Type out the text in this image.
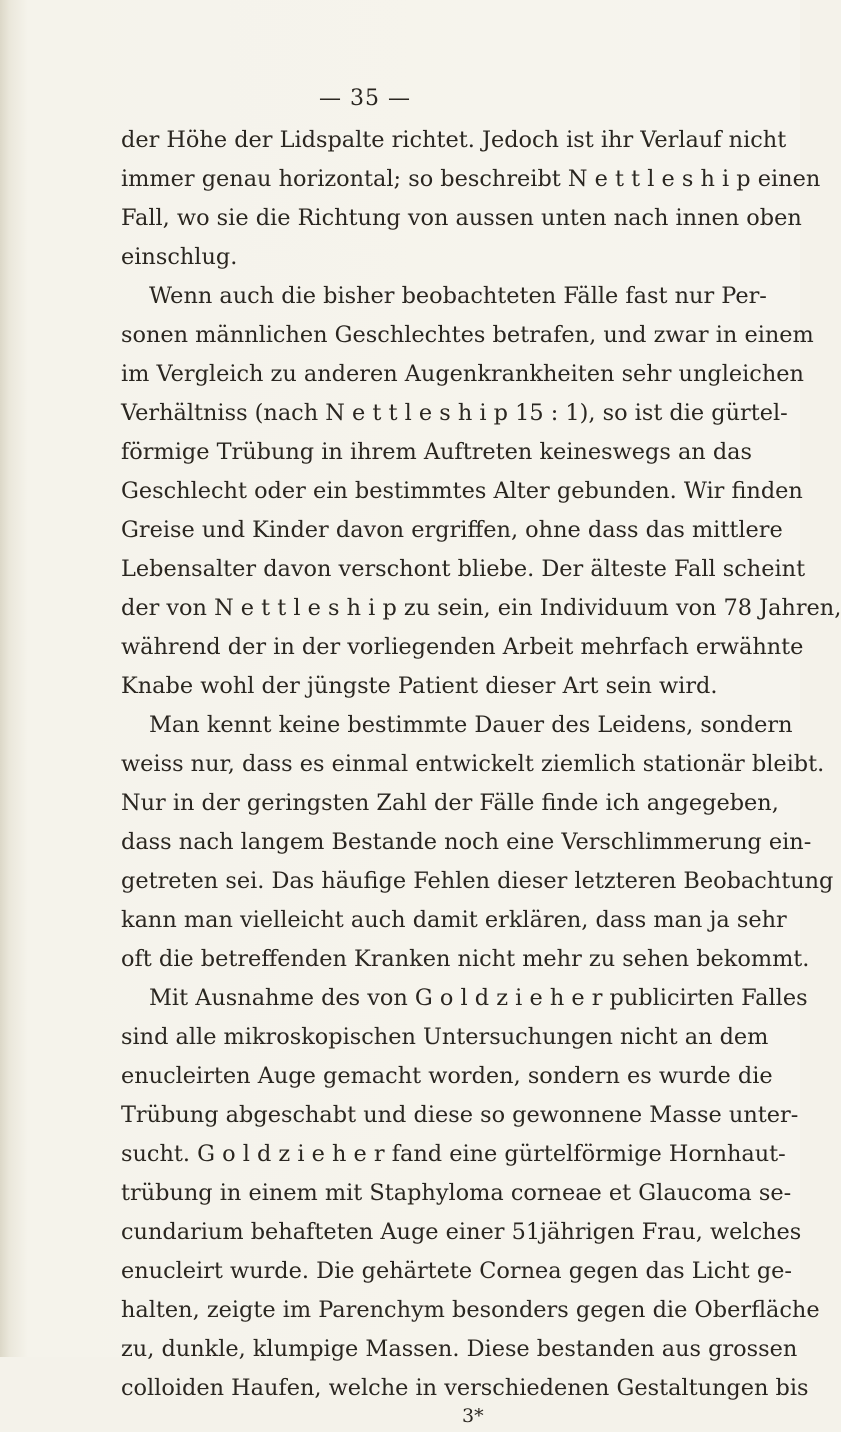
— 35 —
der Höhe der Lidspalte richtet. Jedoch ist ihr Verlauf nicht
immer genau horizontal; so beschreibt N e t t l e s h i p einen
Fall, wo sie die Richtung von aussen unten nach innen oben
einschlug.
Wenn auch die bisher beobachteten Fälle fast nur Per-
sonen männlichen Geschlechtes betrafen, und zwar in einem
im Vergleich zu anderen Augenkrankheiten sehr ungleichen
Verhältniss (nach N e t t l e s h i p 15 : 1), so ist die gürtel-
förmige Trübung in ihrem Auftreten keineswegs an das
Geschlecht oder ein bestimmtes Alter gebunden. Wir finden
Greise und Kinder davon ergriffen, ohne dass das mittlere
Lebensalter davon verschont bliebe. Der älteste Fall scheint
der von N e t t l e s h i p zu sein, ein Individuum von 78 Jahren,
während der in der vorliegenden Arbeit mehrfach erwähnte
Knabe wohl der jüngste Patient dieser Art sein wird.
Man kennt keine bestimmte Dauer des Leidens, sondern
weiss nur, dass es einmal entwickelt ziemlich stationär bleibt.
Nur in der geringsten Zahl der Fälle finde ich angegeben,
dass nach langem Bestande noch eine Verschlimmerung ein-
getreten sei. Das häufige Fehlen dieser letzteren Beobachtung
kann man vielleicht auch damit erklären, dass man ja sehr
oft die betreffenden Kranken nicht mehr zu sehen bekommt.
Mit Ausnahme des von G o l d z i e h e r publicirten Falles
sind alle mikroskopischen Untersuchungen nicht an dem
enucleirten Auge gemacht worden, sondern es wurde die
Trübung abgeschabt und diese so gewonnene Masse unter-
sucht. G o l d z i e h e r fand eine gürtelförmige Hornhaut-
trübung in einem mit Staphyloma corneae et Glaucoma se-
cundarium behafteten Auge einer 51jährigen Frau, welches
enucleirt wurde. Die gehärtete Cornea gegen das Licht ge-
halten, zeigte im Parenchym besonders gegen die Oberfläche
zu, dunkle, klumpige Massen. Diese bestanden aus grossen
colloiden Haufen, welche in verschiedenen Gestaltungen bis
3*
